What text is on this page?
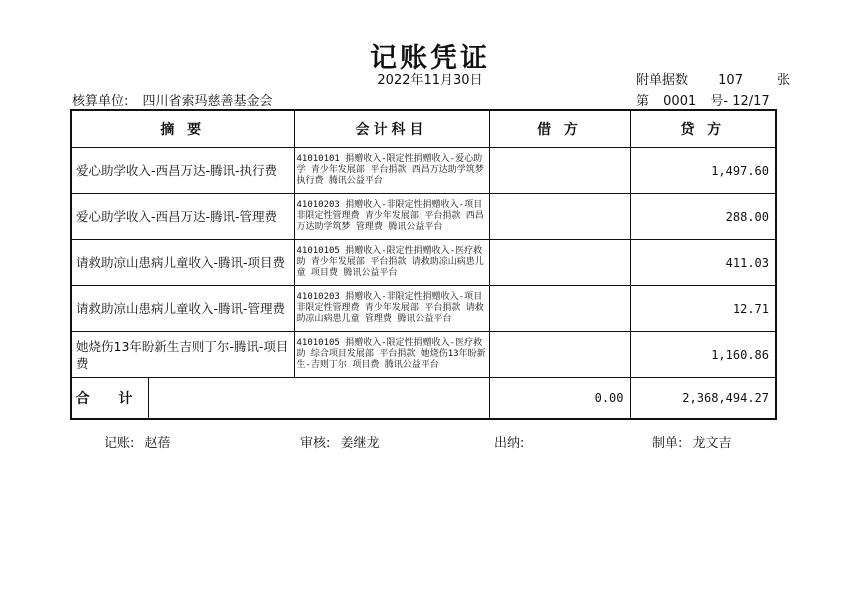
记账凭证
2022年11月30日	附单据数 107	张
核算单位: 四川省索玛慈善基金会	第 0001 号- 12/17
摘 要	会计科目	借 方	贷 方
爱心助学收入-西昌万达-腾讯-执行费	41010101 捐赠收入-限定性捐赠收入-爱心助学 青少年发展部 平台捐款 西昌万达助学筑梦 执行费 腾讯公益平台		1,497.60
爱心助学收入-西昌万达-腾讯-管理费	41010203 捐赠收入-非限定性捐赠收入-项目非限定性管理费 青少年发展部 平台捐款 西昌万达助学筑梦 管理费 腾讯公益平台		288.00
请救助凉山患病儿童收入-腾讯-项目费	41010105 捐赠收入-限定性捐赠收入-医疗救助 青少年发展部 平台捐款 请救助凉山病患儿童 项目费 腾讯公益平台		411.03
请救助凉山患病儿童收入-腾讯-管理费	41010203 捐赠收入-非限定性捐赠收入-项目非限定性管理费 青少年发展部 平台捐款 请救助凉山病患儿童 管理费 腾讯公益平台		12.71
她烧伤13年盼新生吉则丁尔-腾讯-项目费	41010105 捐赠收入-限定性捐赠收入-医疗救助 综合项目发展部 平台捐款 她烧伤13年盼新生-吉则丁尔 项目费 腾讯公益平台		1,160.86

合 计		0.00	2,368,494.27
记账: 赵蓓	审核: 姜继龙	出纳:	制单: 龙文吉
